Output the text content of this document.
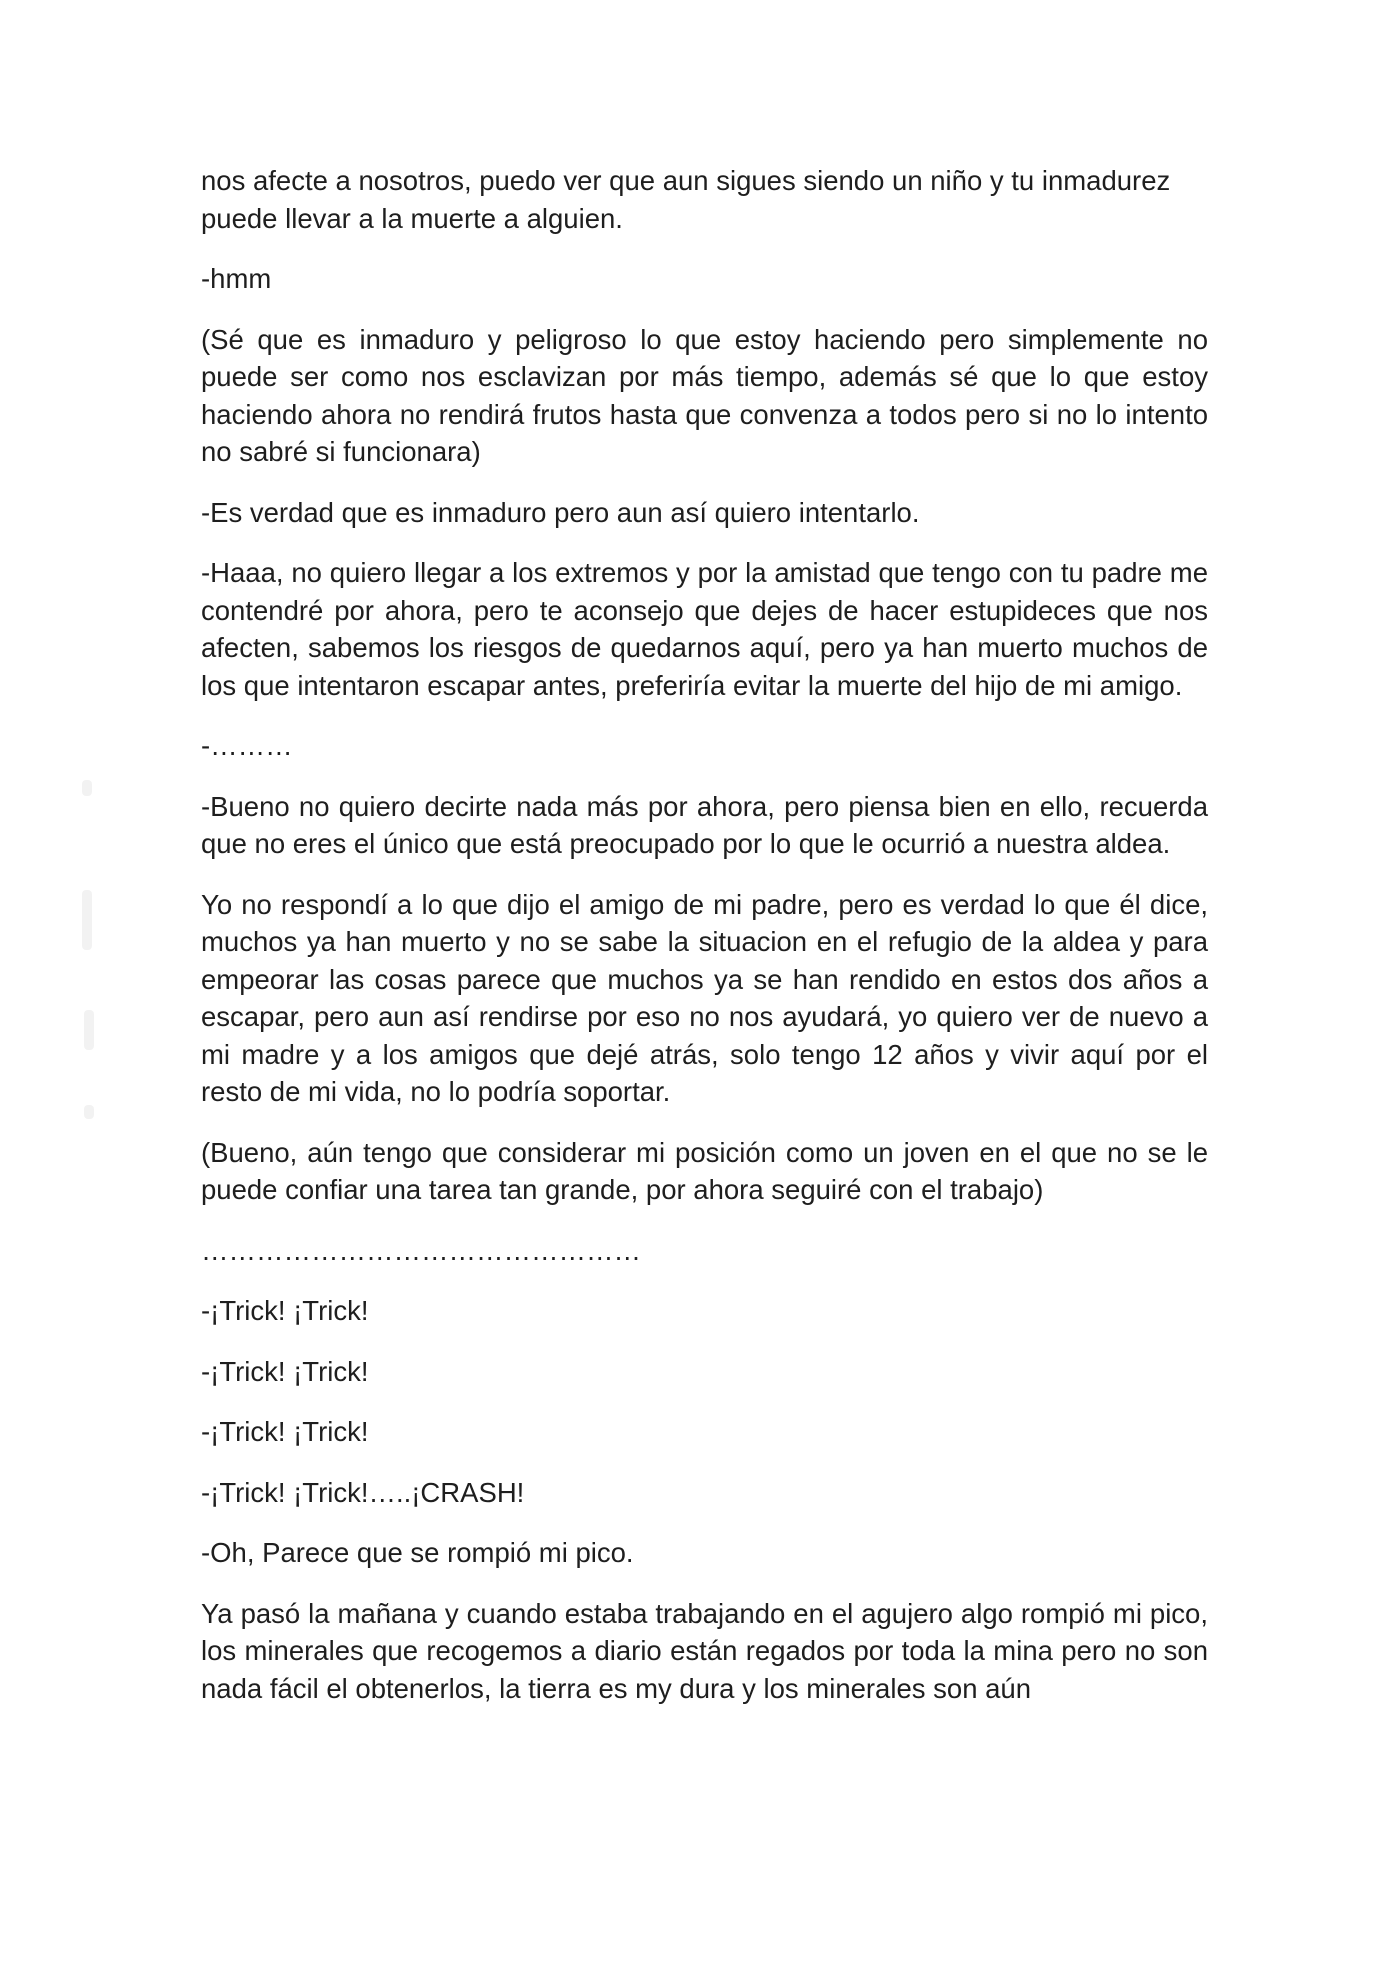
nos afecte a nosotros, puedo ver que aun sigues siendo un niño y tu inmadurez puede llevar a la muerte a alguien.

-hmm

(Sé que es inmaduro y peligroso lo que estoy haciendo pero simplemente no puede ser como nos esclavizan por más tiempo, además sé que lo que estoy haciendo ahora no rendirá frutos hasta que convenza a todos pero si no lo intento no sabré si funcionara)

-Es verdad que es inmaduro pero aun así quiero intentarlo.

-Haaa, no quiero llegar a los extremos y por la amistad que tengo con tu padre me contendré por ahora, pero te aconsejo que dejes de hacer estupideces que nos afecten, sabemos los riesgos de quedarnos aquí, pero ya han muerto muchos de los que intentaron escapar antes, preferiría evitar la muerte del hijo de mi amigo.

-………

-Bueno no quiero decirte nada más por ahora, pero piensa bien en ello, recuerda que no eres el único que está preocupado por lo que le ocurrió a nuestra aldea.

Yo no respondí a lo que dijo el amigo de mi padre, pero es verdad lo que él dice, muchos ya han muerto y no se sabe la situacion en el refugio de la aldea y para empeorar las cosas parece que muchos ya se han rendido en estos dos años a escapar, pero aun así rendirse por eso no nos ayudará, yo quiero ver de nuevo a mi madre y a los amigos que dejé atrás, solo tengo 12 años y vivir aquí por el resto de mi vida, no lo podría soportar.

(Bueno, aún tengo que considerar mi posición como un joven en el que no se le puede confiar una tarea tan grande, por ahora seguiré con el trabajo)

…………………………………………

-¡Trick! ¡Trick!

-¡Trick! ¡Trick!

-¡Trick! ¡Trick!

-¡Trick! ¡Trick!…..¡CRASH!

-Oh, Parece que se rompió mi pico.

Ya pasó la mañana y cuando estaba trabajando en el agujero algo rompió mi pico, los minerales que recogemos a diario están regados por toda la mina pero no son nada fácil el obtenerlos, la tierra es my dura y los minerales son aún
